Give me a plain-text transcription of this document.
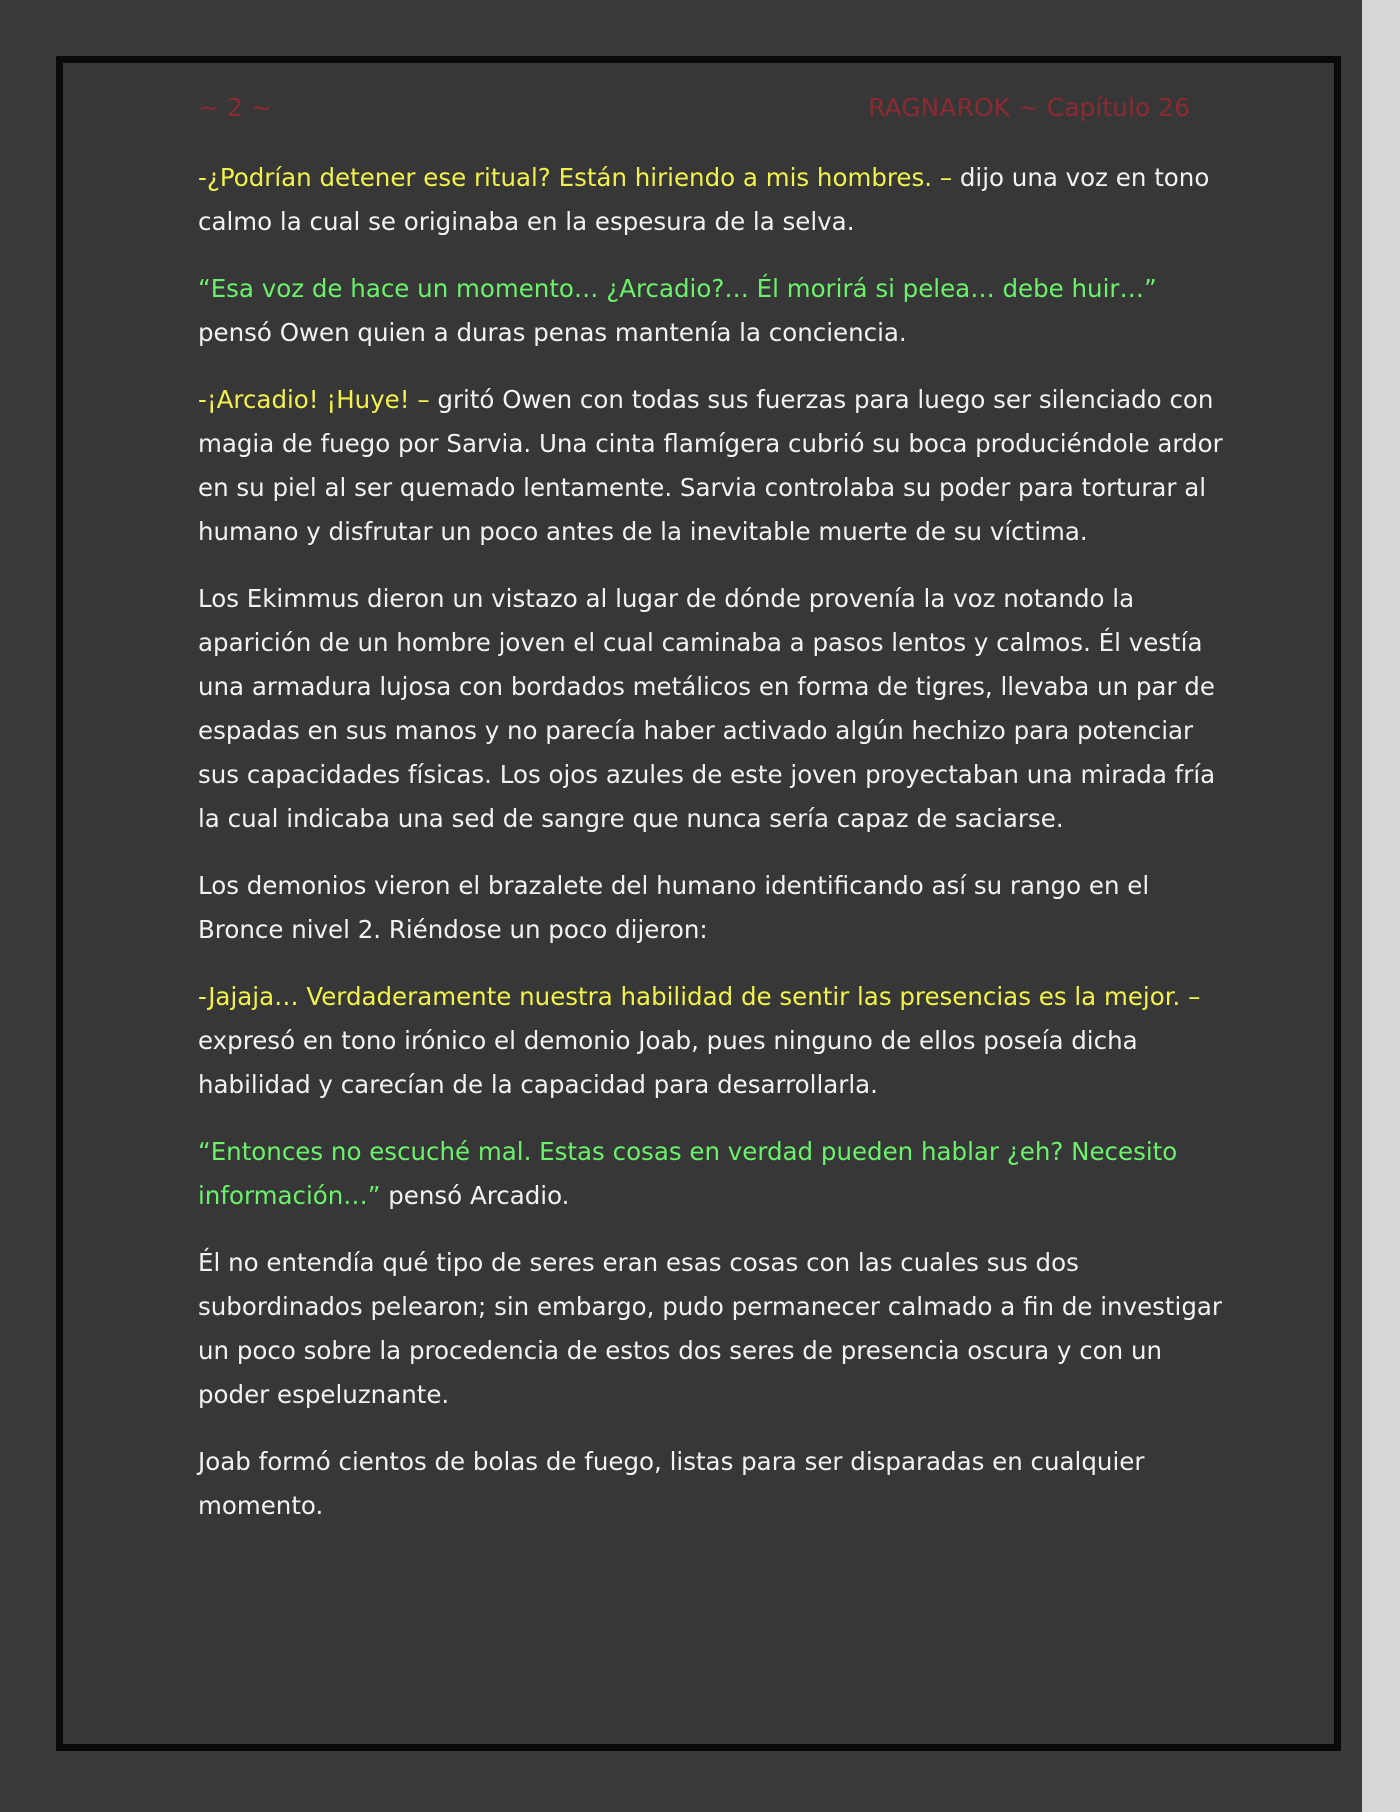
~ 2 ~	RAGNAROK ~ Capítulo 26

-¿Podrían detener ese ritual? Están hiriendo a mis hombres. – dijo una voz en tono calmo la cual se originaba en la espesura de la selva.

“Esa voz de hace un momento… ¿Arcadio?… Él morirá si pelea… debe huir…” pensó Owen quien a duras penas mantenía la conciencia.

-¡Arcadio! ¡Huye! – gritó Owen con todas sus fuerzas para luego ser silenciado con magia de fuego por Sarvia. Una cinta flamígera cubrió su boca produciéndole ardor en su piel al ser quemado lentamente. Sarvia controlaba su poder para torturar al humano y disfrutar un poco antes de la inevitable muerte de su víctima.

Los Ekimmus dieron un vistazo al lugar de dónde provenía la voz notando la aparición de un hombre joven el cual caminaba a pasos lentos y calmos. Él vestía una armadura lujosa con bordados metálicos en forma de tigres, llevaba un par de espadas en sus manos y no parecía haber activado algún hechizo para potenciar sus capacidades físicas. Los ojos azules de este joven proyectaban una mirada fría la cual indicaba una sed de sangre que nunca sería capaz de saciarse.

Los demonios vieron el brazalete del humano identificando así su rango en el Bronce nivel 2. Riéndose un poco dijeron:

-Jajaja… Verdaderamente nuestra habilidad de sentir las presencias es la mejor. – expresó en tono irónico el demonio Joab, pues ninguno de ellos poseía dicha habilidad y carecían de la capacidad para desarrollarla.

“Entonces no escuché mal. Estas cosas en verdad pueden hablar ¿eh? Necesito información…” pensó Arcadio.

Él no entendía qué tipo de seres eran esas cosas con las cuales sus dos subordinados pelearon; sin embargo, pudo permanecer calmado a fin de investigar un poco sobre la procedencia de estos dos seres de presencia oscura y con un poder espeluznante.

Joab formó cientos de bolas de fuego, listas para ser disparadas en cualquier momento.
